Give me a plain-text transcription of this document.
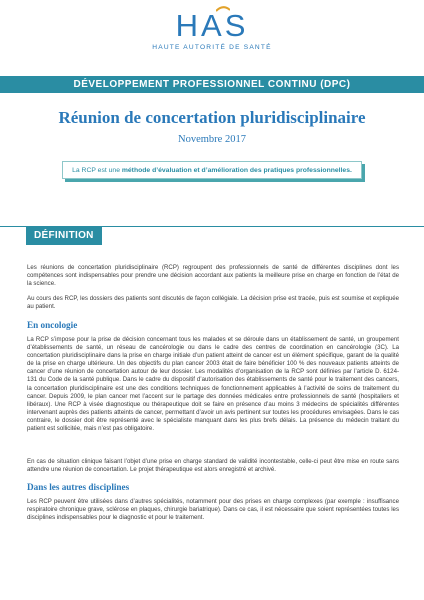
HAS
HAUTE AUTORITÉ DE SANTÉ
DÉVELOPPEMENT PROFESSIONNEL CONTINU (DPC)
Réunion de concertation pluridisciplinaire
Novembre 2017
La RCP est une méthode d’évaluation et d’amélioration des pratiques professionnelles.
DÉFINITION

Les réunions de concertation pluridisciplinaire (RCP) regroupent des professionnels de santé de différentes disciplines dont les compétences sont indispensables pour prendre une décision accordant aux patients la meilleure prise en charge en fonction de l’état de la science.

Au cours des RCP, les dossiers des patients sont discutés de façon collégiale. La décision prise est tracée, puis est soumise et expliquée au patient.

En oncologie

La RCP s’impose pour la prise de décision concernant tous les malades et se déroule dans un établissement de santé, un groupement d’établissements de santé, un réseau de cancérologie ou dans le cadre des centres de coordination en cancérologie (3C). La concertation pluridisciplinaire dans la prise en charge initiale d’un patient atteint de cancer est un élément spécifique, garant de la qualité de la prise en charge ultérieure. Un des objectifs du plan cancer 2003 était de faire bénéficier 100 % des nouveaux patients atteints de cancer d’une réunion de concertation autour de leur dossier. Les modalités d’organisation de la RCP sont définies par l’article D. 6124-131 du Code de la santé publique. Dans le cadre du dispositif d’autorisation des établissements de santé pour le traitement des cancers, la concertation pluridisciplinaire est une des conditions techniques de fonctionnement applicables à l’activité de soins de traitement du cancer. Depuis 2009, le plan cancer met l’accent sur le partage des données médicales entre professionnels de santé (hospitaliers et libéraux). Une RCP à visée diagnostique ou thérapeutique doit se faire en présence d’au moins 3 médecins de spécialités différentes intervenant auprès des patients atteints de cancer, permettant d’avoir un avis pertinent sur toutes les procédures envisagées. Dans le cas contraire, le dossier doit être représenté avec le spécialiste manquant dans les plus brefs délais. La présence du médecin traitant du patient est sollicitée, mais n’est pas obligatoire.

En cas de situation clinique faisant l’objet d’une prise en charge standard de validité incontestable, celle-ci peut être mise en route sans attendre une réunion de concertation. Le projet thérapeutique est alors enregistré et archivé.

Dans les autres disciplines

Les RCP peuvent être utilisées dans d’autres spécialités, notamment pour des prises en charge complexes (par exemple : insuffisance respiratoire chronique grave, sclérose en plaques, chirurgie bariatrique). Dans ce cas, il est nécessaire que soient représentées toutes les disciplines indispensables pour le diagnostic et pour le traitement.
